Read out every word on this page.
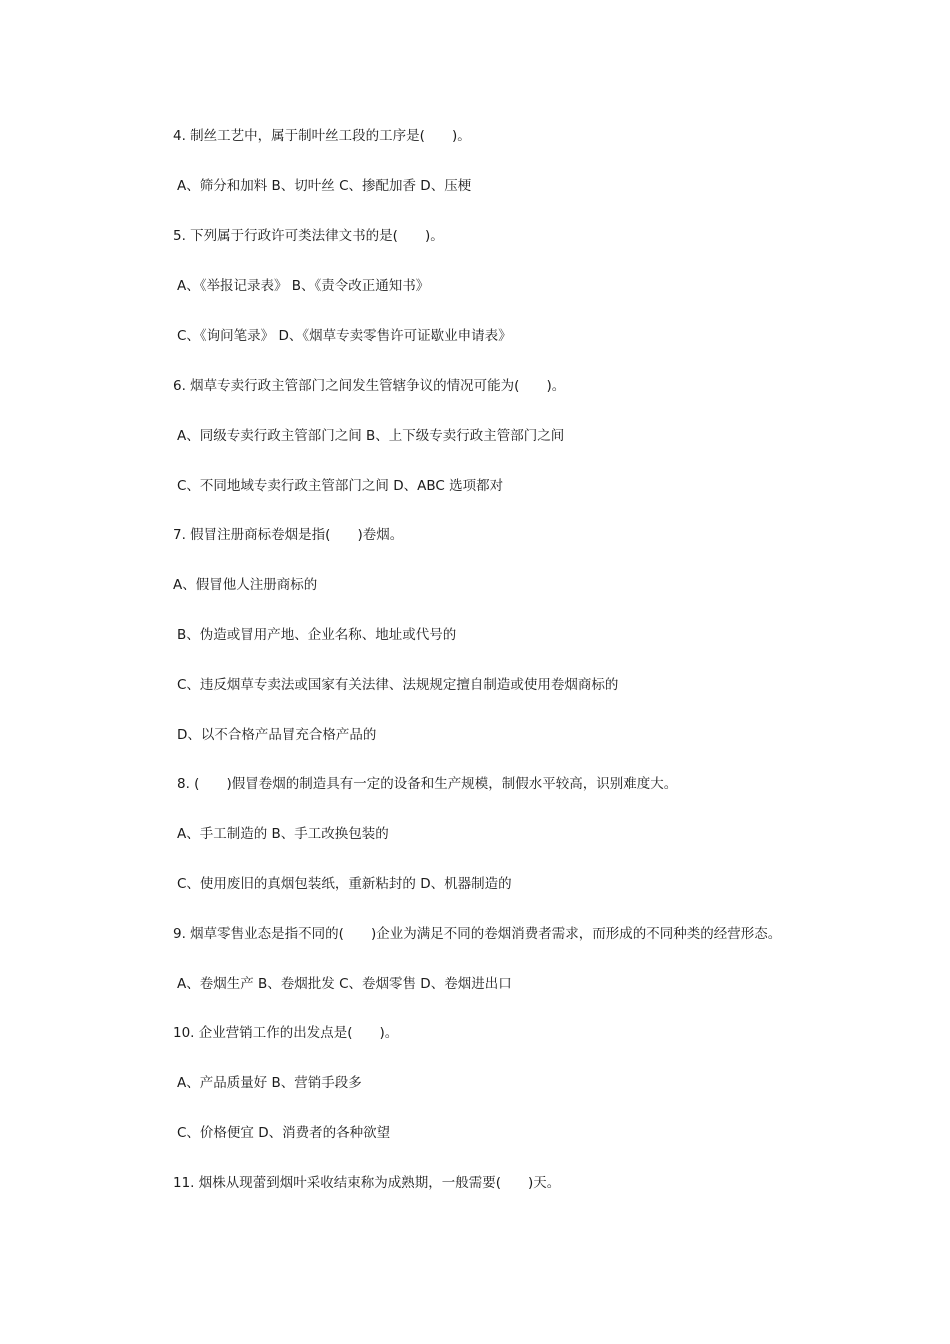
4. 制丝工艺中，属于制叶丝工段的工序是(　　)。
A、筛分和加料 B、切叶丝 C、掺配加香 D、压梗
5. 下列属于行政许可类法律文书的是(　　)。
A、《举报记录表》 B、《责令改正通知书》
C、《询问笔录》 D、《烟草专卖零售许可证歇业申请表》
6. 烟草专卖行政主管部门之间发生管辖争议的情况可能为(　　)。
A、同级专卖行政主管部门之间 B、上下级专卖行政主管部门之间
C、不同地域专卖行政主管部门之间 D、ABC 选项都对
7. 假冒注册商标卷烟是指(　　)卷烟。
A、假冒他人注册商标的
B、伪造或冒用产地、企业名称、地址或代号的
C、违反烟草专卖法或国家有关法律、法规规定擅自制造或使用卷烟商标的
D、以不合格产品冒充合格产品的
8. (　　)假冒卷烟的制造具有一定的设备和生产规模，制假水平较高，识别难度大。
A、手工制造的 B、手工改换包装的
C、使用废旧的真烟包装纸，重新粘封的 D、机器制造的
9. 烟草零售业态是指不同的(　　)企业为满足不同的卷烟消费者需求，而形成的不同种类的经营形态。
A、卷烟生产 B、卷烟批发 C、卷烟零售 D、卷烟进出口
10. 企业营销工作的出发点是(　　)。
A、产品质量好 B、营销手段多
C、价格便宜 D、消费者的各种欲望
11. 烟株从现蕾到烟叶采收结束称为成熟期，一般需要(　　)天。
